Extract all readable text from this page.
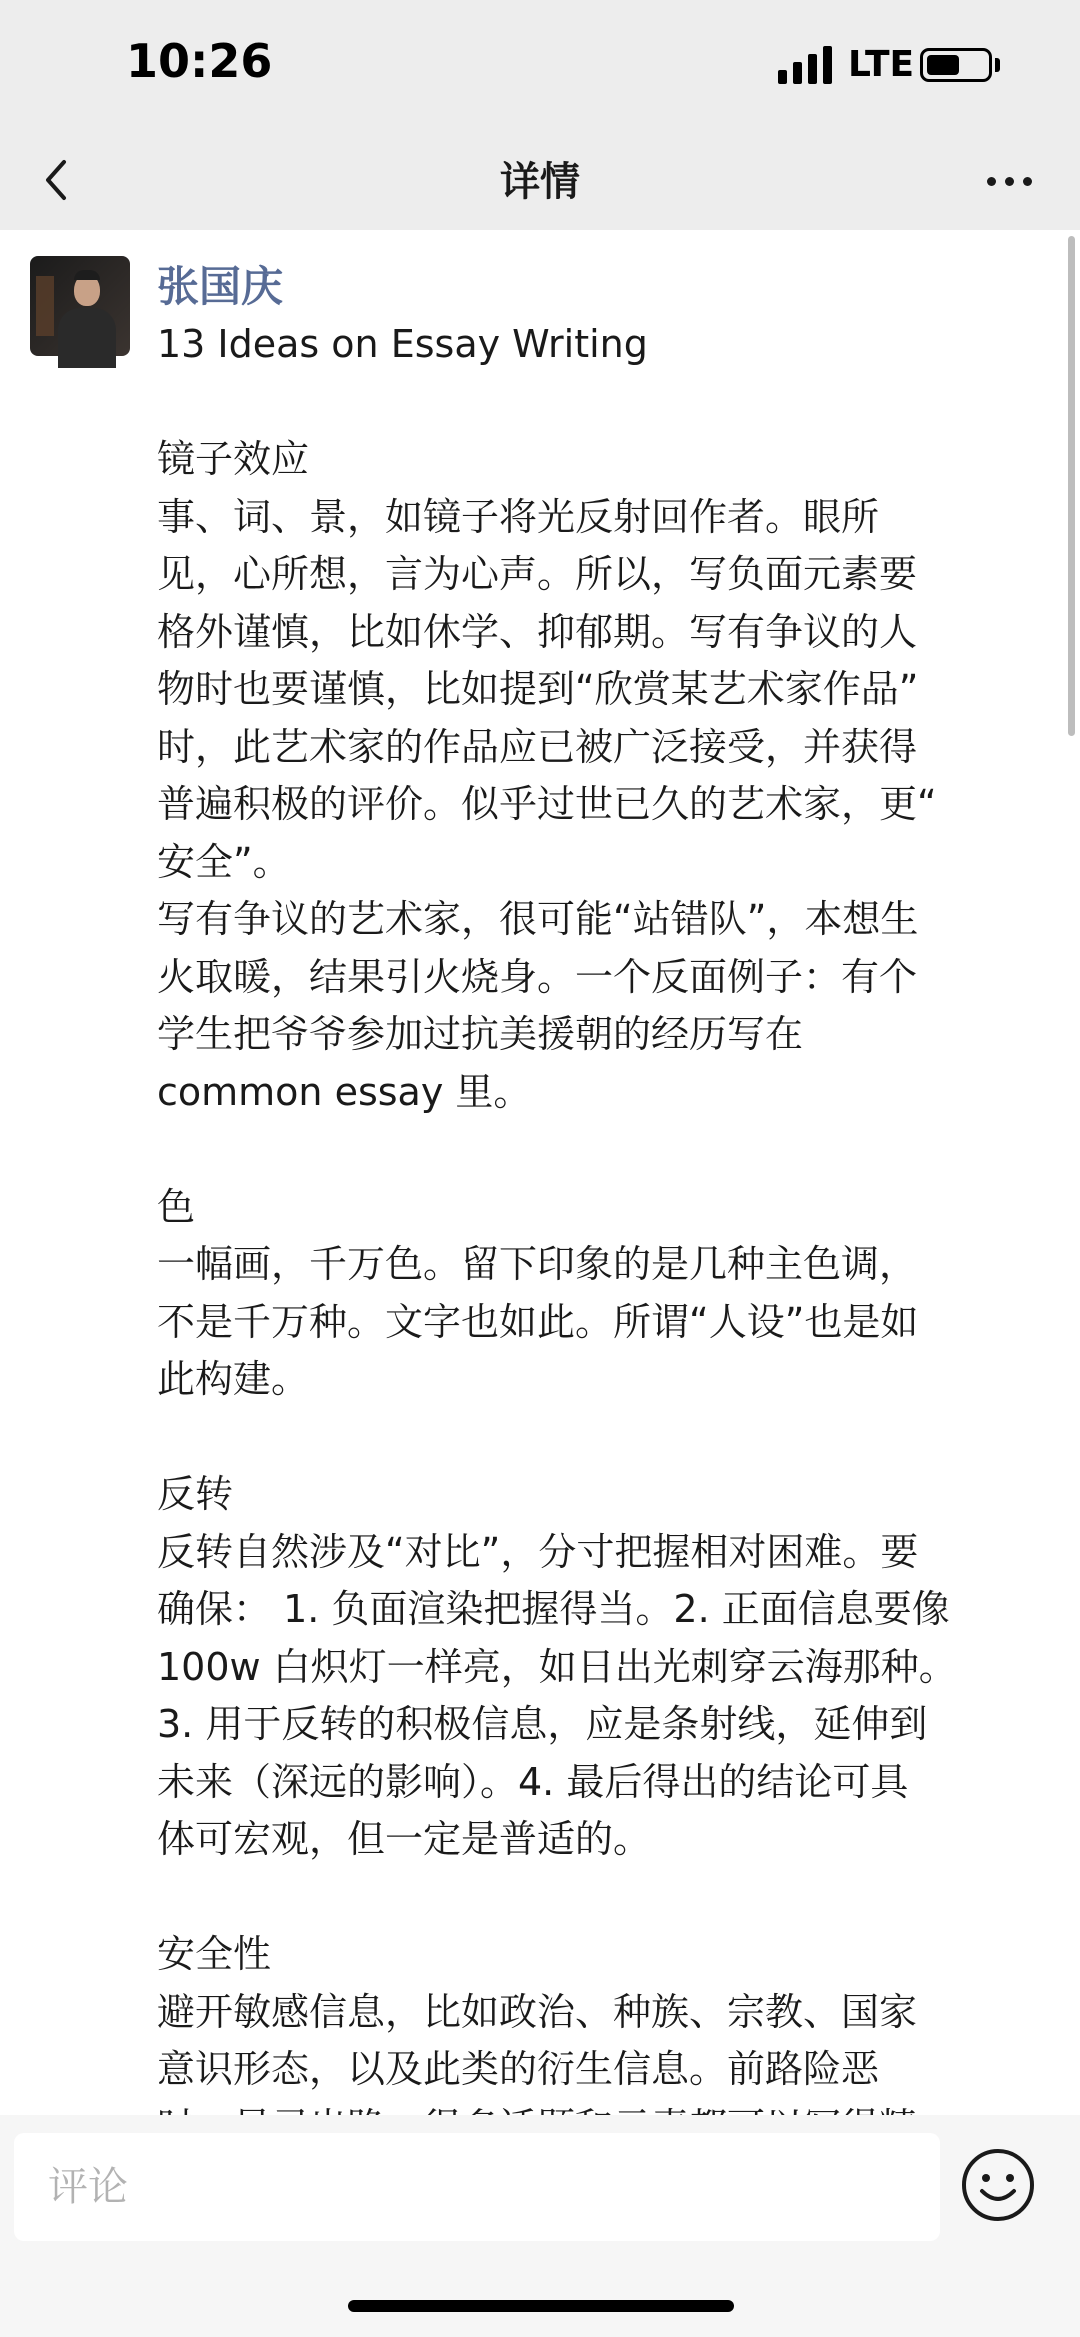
10:26	LTE
详情
张国庆
13 Ideas on Essay Writing

镜子效应
事、词、景，如镜子将光反射回作者。眼所
见，心所想，言为心声。所以，写负面元素要
格外谨慎，比如休学、抑郁期。写有争议的人
物时也要谨慎，比如提到“欣赏某艺术家作品”
时，此艺术家的作品应已被广泛接受，并获得
普遍积极的评价。似乎过世已久的艺术家，更“
安全”。
写有争议的艺术家，很可能“站错队”，本想生
火取暖，结果引火烧身。一个反面例子：有个
学生把爷爷参加过抗美援朝的经历写在
common essay 里。

色
一幅画，千万色。留下印象的是几种主色调，
不是千万种。文字也如此。所谓“人设”也是如
此构建。

反转
反转自然涉及“对比”，分寸把握相对困难。要
确保： 1. 负面渲染把握得当。2. 正面信息要像
100w 白炽灯一样亮，如日出光刺穿云海那种。
3. 用于反转的积极信息，应是条射线，延伸到
未来（深远的影响）。4. 最后得出的结论可具
体可宏观，但一定是普适的。

安全性
避开敏感信息，比如政治、种族、宗教、国家
意识形态，以及此类的衍生信息。前路险恶
评论
